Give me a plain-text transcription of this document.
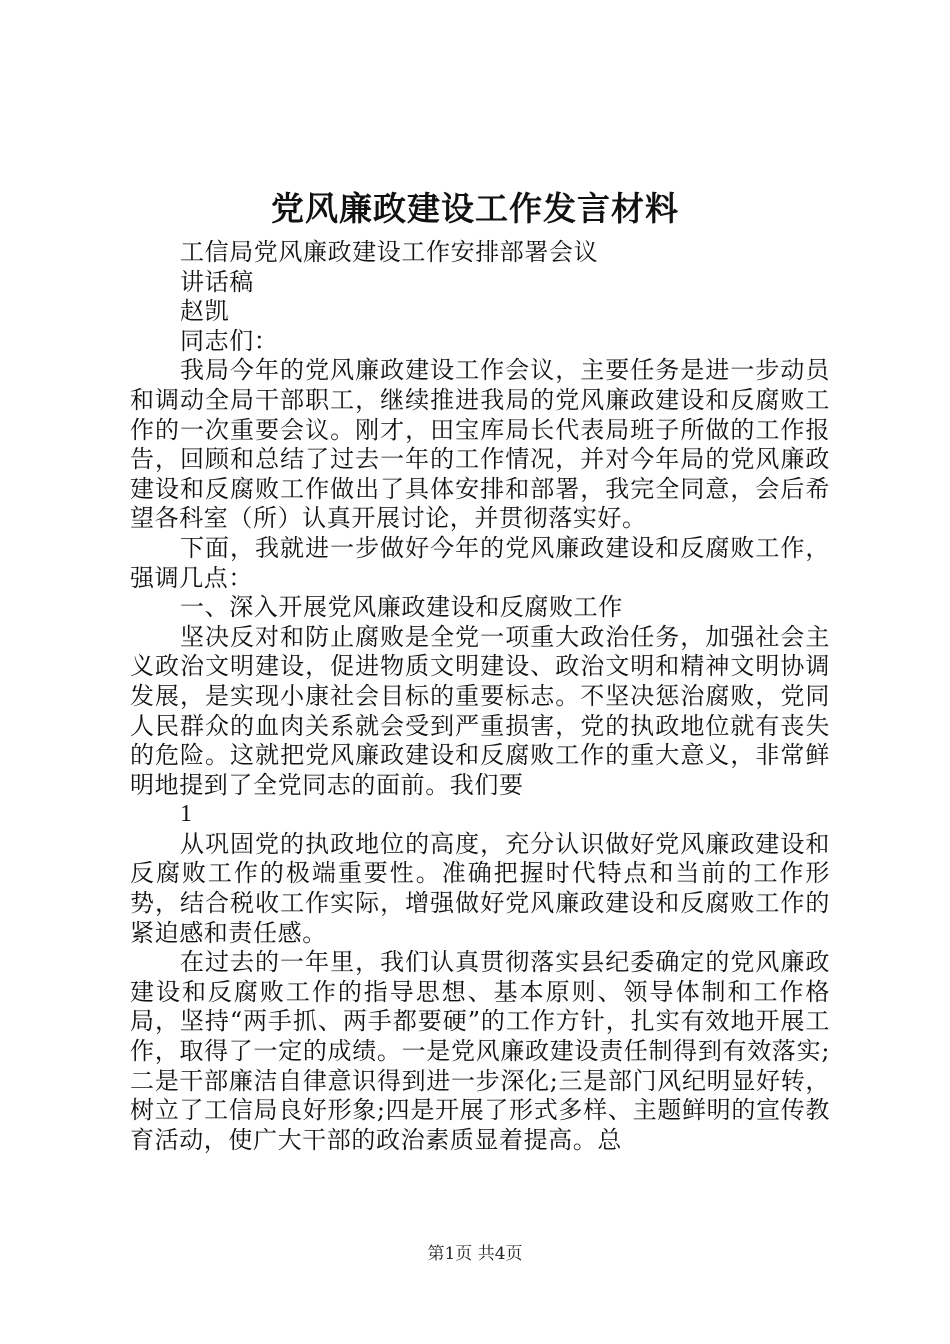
党风廉政建设工作发言材料

工信局党风廉政建设工作安排部署会议

讲话稿

赵凯

同志们：

我局今年的党风廉政建设工作会议，主要任务是进一步动员和调动全局干部职工，继续推进我局的党风廉政建设和反腐败工作的一次重要会议。刚才，田宝库局长代表局班子所做的工作报告，回顾和总结了过去一年的工作情况，并对今年局的党风廉政建设和反腐败工作做出了具体安排和部署，我完全同意，会后希望各科室（所）认真开展讨论，并贯彻落实好。

下面，我就进一步做好今年的党风廉政建设和反腐败工作，强调几点：

一、深入开展党风廉政建设和反腐败工作

坚决反对和防止腐败是全党一项重大政治任务，加强社会主义政治文明建设，促进物质文明建设、政治文明和精神文明协调发展，是实现小康社会目标的重要标志。不坚决惩治腐败，党同人民群众的血肉关系就会受到严重损害，党的执政地位就有丧失的危险。这就把党风廉政建设和反腐败工作的重大意义，非常鲜明地提到了全党同志的面前。我们要

1

从巩固党的执政地位的高度，充分认识做好党风廉政建设和反腐败工作的极端重要性。准确把握时代特点和当前的工作形势，结合税收工作实际，增强做好党风廉政建设和反腐败工作的紧迫感和责任感。

在过去的一年里，我们认真贯彻落实县纪委确定的党风廉政建设和反腐败工作的指导思想、基本原则、领导体制和工作格局，坚持“两手抓、两手都要硬”的工作方针，扎实有效地开展工作，取得了一定的成绩。一是党风廉政建设责任制得到有效落实;二是干部廉洁自律意识得到进一步深化;三是部门风纪明显好转，树立了工信局良好形象;四是开展了形式多样、主题鲜明的宣传教育活动，使广大干部的政治素质显着提高。总

第1页 共4页
